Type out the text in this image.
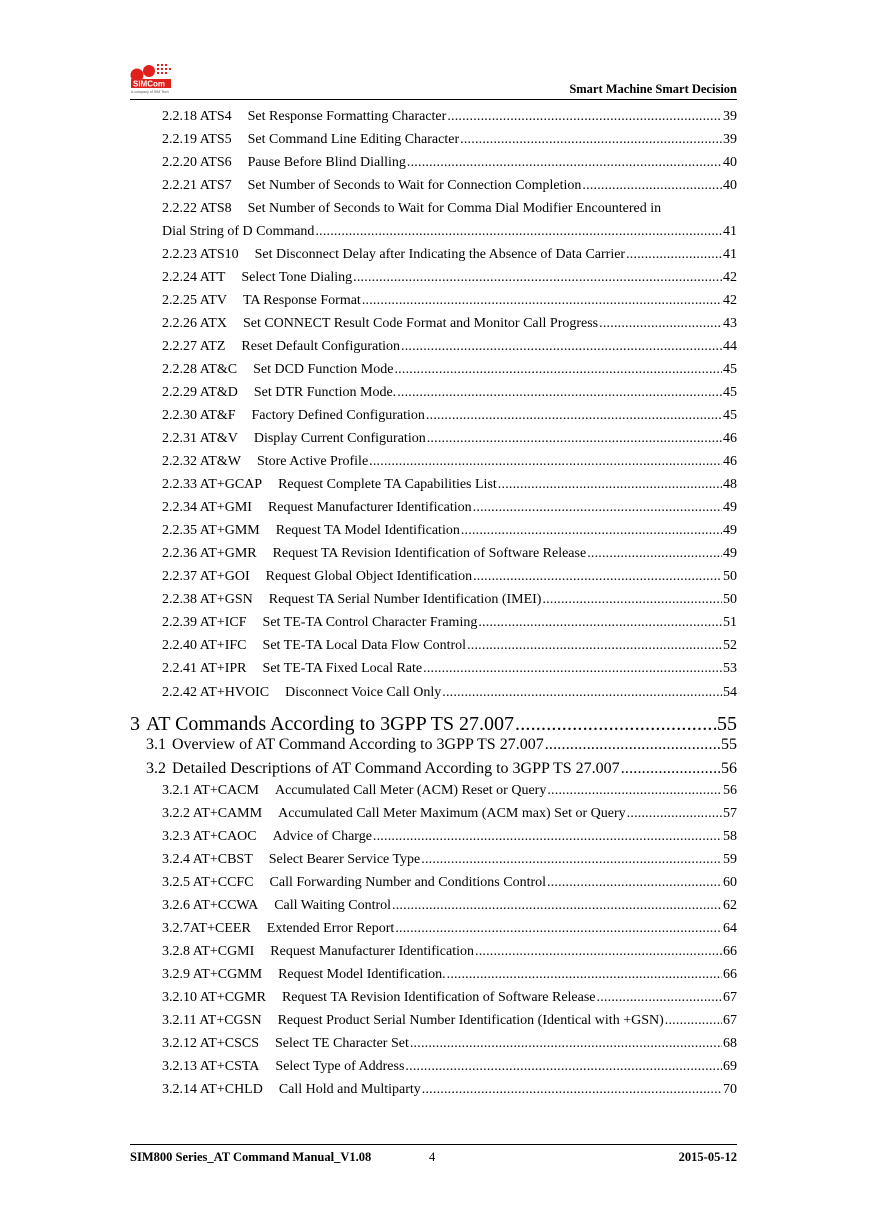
SIMCom
A company of SIM Tech	Smart Machine Smart Decision
2.2.18 ATS4 Set Response Formatting Character .....	39
2.2.19 ATS5 Set Command Line Editing Character .....	39
2.2.20 ATS6 Pause Before Blind Dialling .....	40
2.2.21 ATS7 Set Number of Seconds to Wait for Connection Completion .....	40
2.2.22 ATS8 Set Number of Seconds to Wait for Comma Dial Modifier Encountered in
Dial String of D Command .....	41
2.2.23 ATS10 Set Disconnect Delay after Indicating the Absence of Data Carrier .....	41
2.2.24 ATT Select Tone Dialing .....	42
2.2.25 ATV TA Response Format .....	42
2.2.26 ATX Set CONNECT Result Code Format and Monitor Call Progress .....	43
2.2.27 ATZ Reset Default Configuration .....	44
2.2.28 AT&C Set DCD Function Mode .....	45
2.2.29 AT&D Set DTR Function Mode. .....	45
2.2.30 AT&F Factory Defined Configuration .....	45
2.2.31 AT&V Display Current Configuration .....	46
2.2.32 AT&W Store Active Profile .....	46
2.2.33 AT+GCAP Request Complete TA Capabilities List .....	48
2.2.34 AT+GMI Request Manufacturer Identification .....	49
2.2.35 AT+GMM Request TA Model Identification .....	49
2.2.36 AT+GMR Request TA Revision Identification of Software Release .....	49
2.2.37 AT+GOI Request Global Object Identification .....	50
2.2.38 AT+GSN Request TA Serial Number Identification (IMEI) .....	50
2.2.39 AT+ICF Set TE-TA Control Character Framing .....	51
2.2.40 AT+IFC Set TE-TA Local Data Flow Control .....	52
2.2.41 AT+IPR Set TE-TA Fixed Local Rate .....	53
2.2.42 AT+HVOIC Disconnect Voice Call Only .....	54
3 AT Commands According to 3GPP TS 27.007 .....	55
3.1 Overview of AT Command According to 3GPP TS 27.007 .....	55
3.2 Detailed Descriptions of AT Command According to 3GPP TS 27.007 .....	56
3.2.1 AT+CACM Accumulated Call Meter (ACM) Reset or Query .....	56
3.2.2 AT+CAMM Accumulated Call Meter Maximum (ACM max) Set or Query .....	57
3.2.3 AT+CAOC Advice of Charge .....	58
3.2.4 AT+CBST Select Bearer Service Type .....	59
3.2.5 AT+CCFC Call Forwarding Number and Conditions Control .....	60
3.2.6 AT+CCWA Call Waiting Control .....	62
3.2.7AT+CEER Extended Error Report .....	64
3.2.8 AT+CGMI Request Manufacturer Identification .....	66
3.2.9 AT+CGMM Request Model Identification. .....	66
3.2.10 AT+CGMR Request TA Revision Identification of Software Release .....	67
3.2.11 AT+CGSN Request Product Serial Number Identification (Identical with +GSN) .....	67
3.2.12 AT+CSCS Select TE Character Set .....	68
3.2.13 AT+CSTA Select Type of Address .....	69
3.2.14 AT+CHLD Call Hold and Multiparty .....	70
SIM800 Series_AT Command Manual_V1.08	4	2015-05-12
